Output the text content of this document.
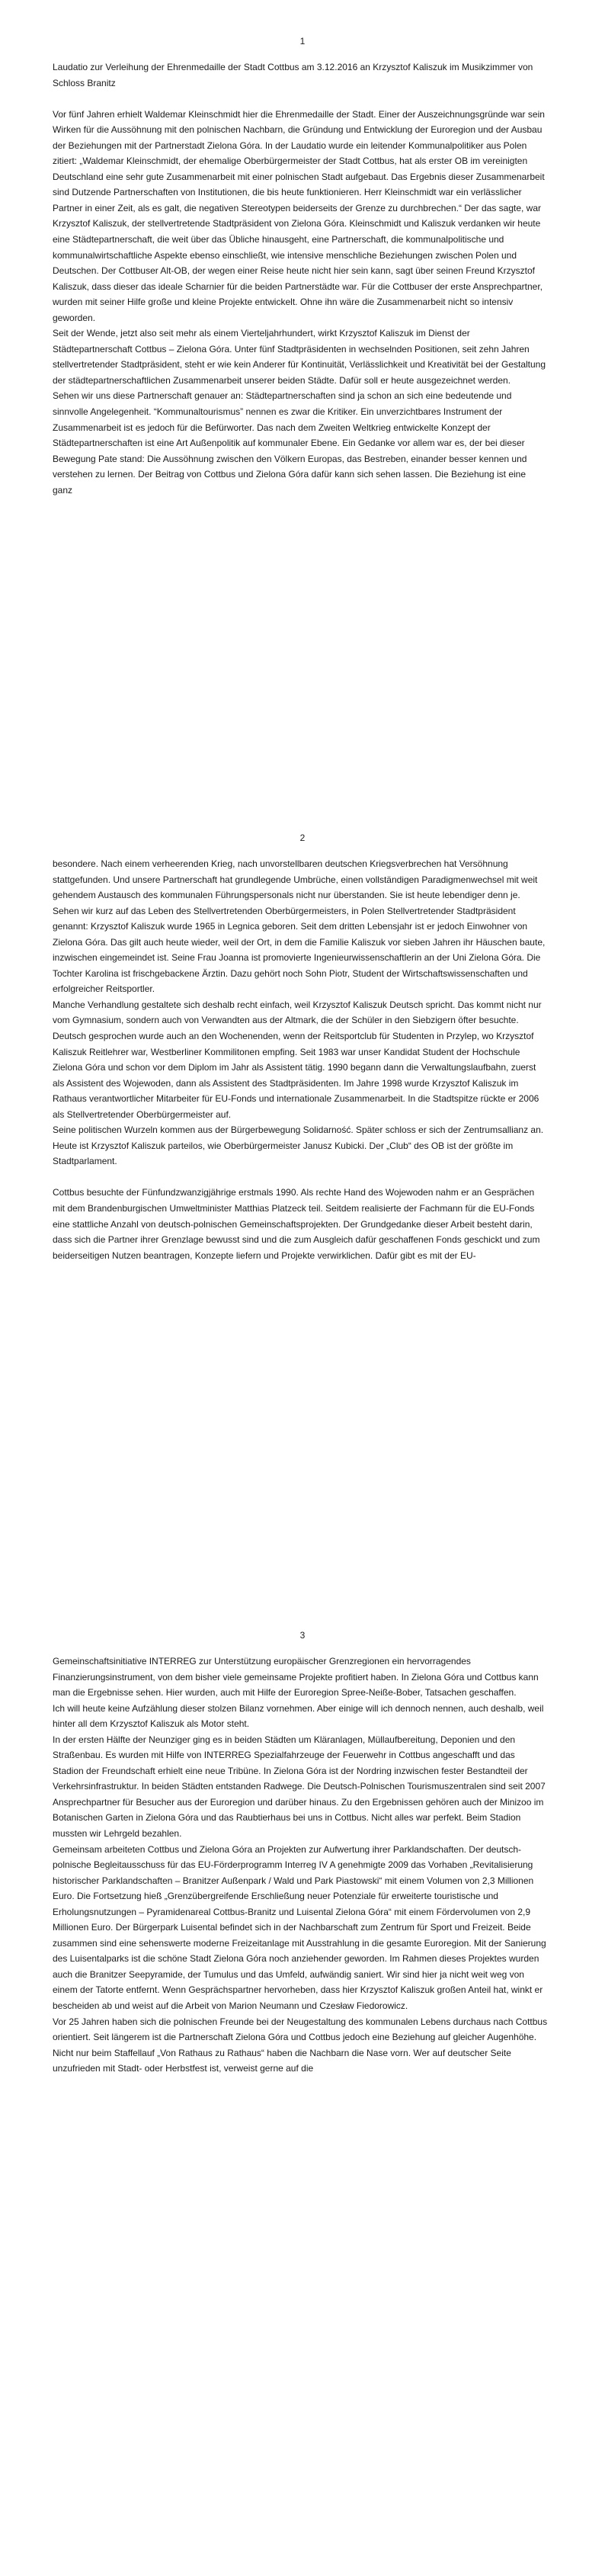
1

Laudatio zur Verleihung der Ehrenmedaille der Stadt Cottbus am 3.12.2016 an Krzysztof Kaliszuk im Musikzimmer von Schloss Branitz

Vor fünf Jahren erhielt Waldemar Kleinschmidt hier die Ehrenmedaille der Stadt. Einer der Auszeichnungsgründe war sein Wirken für die Aussöhnung mit den polnischen Nachbarn, die Gründung und Entwicklung der Euroregion und der Ausbau der Beziehungen mit der Partnerstadt Zielona Góra. In der Laudatio wurde ein leitender Kommunalpolitiker aus Polen zitiert: „Waldemar Kleinschmidt, der ehemalige Oberbürgermeister der Stadt Cottbus, hat als erster OB im vereinigten Deutschland eine sehr gute Zusammenarbeit mit einer polnischen Stadt aufgebaut. Das Ergebnis dieser Zusammenarbeit sind Dutzende Partnerschaften von Institutionen, die bis heute funktionieren. Herr Kleinschmidt war ein verlässlicher Partner in einer Zeit, als es galt, die negativen Stereotypen beiderseits der Grenze zu durchbrechen.“ Der das sagte, war Krzysztof Kaliszuk, der stellvertretende Stadtpräsident von Zielona Góra. Kleinschmidt und Kaliszuk verdanken wir heute eine Städtepartnerschaft, die weit über das Übliche hinausgeht, eine Partnerschaft, die kommunalpolitische und kommunalwirtschaftliche Aspekte ebenso einschließt, wie intensive menschliche Beziehungen zwischen Polen und Deutschen. Der Cottbuser Alt-OB, der wegen einer Reise heute nicht hier sein kann, sagt über seinen Freund Krzysztof Kaliszuk, dass dieser das ideale Scharnier für die beiden Partnerstädte war. Für die Cottbuser der erste Ansprechpartner, wurden mit seiner Hilfe große und kleine Projekte entwickelt. Ohne ihn wäre die Zusammenarbeit nicht so intensiv geworden.

Seit der Wende, jetzt also seit mehr als einem Vierteljahrhundert, wirkt Krzysztof Kaliszuk im Dienst der Städtepartnerschaft Cottbus – Zielona Góra. Unter fünf Stadtpräsidenten in wechselnden Positionen, seit zehn Jahren stellvertretender Stadtpräsident, steht er wie kein Anderer für Kontinuität, Verlässlichkeit und Kreativität bei der Gestaltung der städtepartnerschaftlichen Zusammenarbeit unserer beiden Städte. Dafür soll er heute ausgezeichnet werden.

Sehen wir uns diese Partnerschaft genauer an: Städtepartnerschaften sind ja schon an sich eine bedeutende und sinnvolle Angelegenheit. “Kommunaltourismus” nennen es zwar die Kritiker. Ein unverzichtbares Instrument der Zusammenarbeit ist es jedoch für die Befürworter. Das nach dem Zweiten Weltkrieg entwickelte Konzept der Städtepartnerschaften ist eine Art Außenpolitik auf kommunaler Ebene. Ein Gedanke vor allem war es, der bei dieser Bewegung Pate stand: Die Aussöhnung zwischen den Völkern Europas, das Bestreben, einander besser kennen und verstehen zu lernen. Der Beitrag von Cottbus und Zielona Góra dafür kann sich sehen lassen. Die Beziehung ist eine ganz

2

besondere. Nach einem verheerenden Krieg, nach unvorstellbaren deutschen Kriegsverbrechen hat Versöhnung stattgefunden. Und unsere Partnerschaft hat grundlegende Umbrüche, einen vollständigen Paradigmenwechsel mit weit gehendem Austausch des kommunalen Führungspersonals nicht nur überstanden. Sie ist heute lebendiger denn je.

Sehen wir kurz auf das Leben des Stellvertretenden Oberbürgermeisters, in Polen Stellvertretender Stadtpräsident genannt: Krzysztof Kaliszuk wurde 1965 in Legnica geboren. Seit dem dritten Lebensjahr ist er jedoch Einwohner von Zielona Góra. Das gilt auch heute wieder, weil der Ort, in dem die Familie Kaliszuk vor sieben Jahren ihr Häuschen baute, inzwischen eingemeindet ist. Seine Frau Joanna ist promovierte Ingenieurwissenschaftlerin an der Uni Zielona Góra. Die Tochter Karolina ist frischgebackene Ärztin. Dazu gehört noch Sohn Piotr, Student der Wirtschaftswissenschaften und erfolgreicher Reitsportler.

Manche Verhandlung gestaltete sich deshalb recht einfach, weil Krzysztof Kaliszuk Deutsch spricht. Das kommt nicht nur vom Gymnasium, sondern auch von Verwandten aus der Altmark, die der Schüler in den Siebzigern öfter besuchte. Deutsch gesprochen wurde auch an den Wochenenden, wenn der Reitsportclub für Studenten in Przylep, wo Krzysztof Kaliszuk Reitlehrer war, Westberliner Kommilitonen empfing. Seit 1983 war unser Kandidat Student der Hochschule Zielona Góra und schon vor dem Diplom im Jahr als Assistent tätig. 1990 begann dann die Verwaltungslaufbahn, zuerst als Assistent des Wojewoden, dann als Assistent des Stadtpräsidenten. Im Jahre 1998 wurde Krzysztof Kaliszuk im Rathaus verantwortlicher Mitarbeiter für EU-Fonds und internationale Zusammenarbeit. In die Stadtspitze rückte er 2006 als Stellvertretender Oberbürgermeister auf.

Seine politischen Wurzeln kommen aus der Bürgerbewegung Solidarność. Später schloss er sich der Zentrumsallianz an. Heute ist Krzysztof Kaliszuk parteilos, wie Oberbürgermeister Janusz Kubicki. Der „Club“ des OB ist der größte im Stadtparlament.

Cottbus besuchte der Fünfundzwanzigjährige erstmals 1990. Als rechte Hand des Wojewoden nahm er an Gesprächen mit dem Brandenburgischen Umweltminister Matthias Platzeck teil. Seitdem realisierte der Fachmann für die EU-Fonds eine stattliche Anzahl von deutsch-polnischen Gemeinschaftsprojekten. Der Grundgedanke dieser Arbeit besteht darin, dass sich die Partner ihrer Grenzlage bewusst sind und die zum Ausgleich dafür geschaffenen Fonds geschickt und zum beiderseitigen Nutzen beantragen, Konzepte liefern und Projekte verwirklichen. Dafür gibt es mit der EU-

3

Gemeinschaftsinitiative INTERREG zur Unterstützung europäischer Grenzregionen ein hervorragendes Finanzierungsinstrument, von dem bisher viele gemeinsame Projekte profitiert haben. In Zielona Góra und Cottbus kann man die Ergebnisse sehen. Hier wurden, auch mit Hilfe der Euroregion Spree-Neiße-Bober, Tatsachen geschaffen.

Ich will heute keine Aufzählung dieser stolzen Bilanz vornehmen. Aber einige will ich dennoch nennen, auch deshalb, weil hinter all dem Krzysztof Kaliszuk als Motor steht.

In der ersten Hälfte der Neunziger ging es in beiden Städten um Kläranlagen, Müllaufbereitung, Deponien und den Straßenbau. Es wurden mit Hilfe von INTERREG Spezialfahrzeuge der Feuerwehr in Cottbus angeschafft und das Stadion der Freundschaft erhielt eine neue Tribüne. In Zielona Góra ist der Nordring inzwischen fester Bestandteil der Verkehrsinfrastruktur. In beiden Städten entstanden Radwege. Die Deutsch-Polnischen Tourismuszentralen sind seit 2007 Ansprechpartner für Besucher aus der Euroregion und darüber hinaus. Zu den Ergebnissen gehören auch der Minizoo im Botanischen Garten in Zielona Góra und das Raubtierhaus bei uns in Cottbus. Nicht alles war perfekt. Beim Stadion mussten wir Lehrgeld bezahlen.

Gemeinsam arbeiteten Cottbus und Zielona Góra an Projekten zur Aufwertung ihrer Parklandschaften. Der deutsch-polnische Begleitausschuss für das EU-Förderprogramm Interreg IV A genehmigte 2009 das Vorhaben „Revitalisierung historischer Parklandschaften – Branitzer Außenpark / Wald und Park Piastowski“ mit einem Volumen von 2,3 Millionen Euro. Die Fortsetzung hieß „Grenzübergreifende Erschließung neuer Potenziale für erweiterte touristische und Erholungsnutzungen – Pyramidenareal Cottbus-Branitz und Luisental Zielona Góra“ mit einem Fördervolumen von 2,9 Millionen Euro. Der Bürgerpark Luisental befindet sich in der Nachbarschaft zum Zentrum für Sport und Freizeit. Beide zusammen sind eine sehenswerte moderne Freizeitanlage mit Ausstrahlung in die gesamte Euroregion. Mit der Sanierung des Luisentalparks ist die schöne Stadt Zielona Góra noch anziehender geworden. Im Rahmen dieses Projektes wurden auch die Branitzer Seepyramide, der Tumulus und das Umfeld, aufwändig saniert. Wir sind hier ja nicht weit weg von einem der Tatorte entfernt. Wenn Gesprächspartner hervorheben, dass hier Krzysztof Kaliszuk großen Anteil hat, winkt er bescheiden ab und weist auf die Arbeit von Marion Neumann und Czesław Fiedorowicz.

Vor 25 Jahren haben sich die polnischen Freunde bei der Neugestaltung des kommunalen Lebens durchaus nach Cottbus orientiert. Seit längerem ist die Partnerschaft Zielona Góra und Cottbus jedoch eine Beziehung auf gleicher Augenhöhe. Nicht nur beim Staffellauf „Von Rathaus zu Rathaus“ haben die Nachbarn die Nase vorn. Wer auf deutscher Seite unzufrieden mit Stadt- oder Herbstfest ist, verweist gerne auf die
